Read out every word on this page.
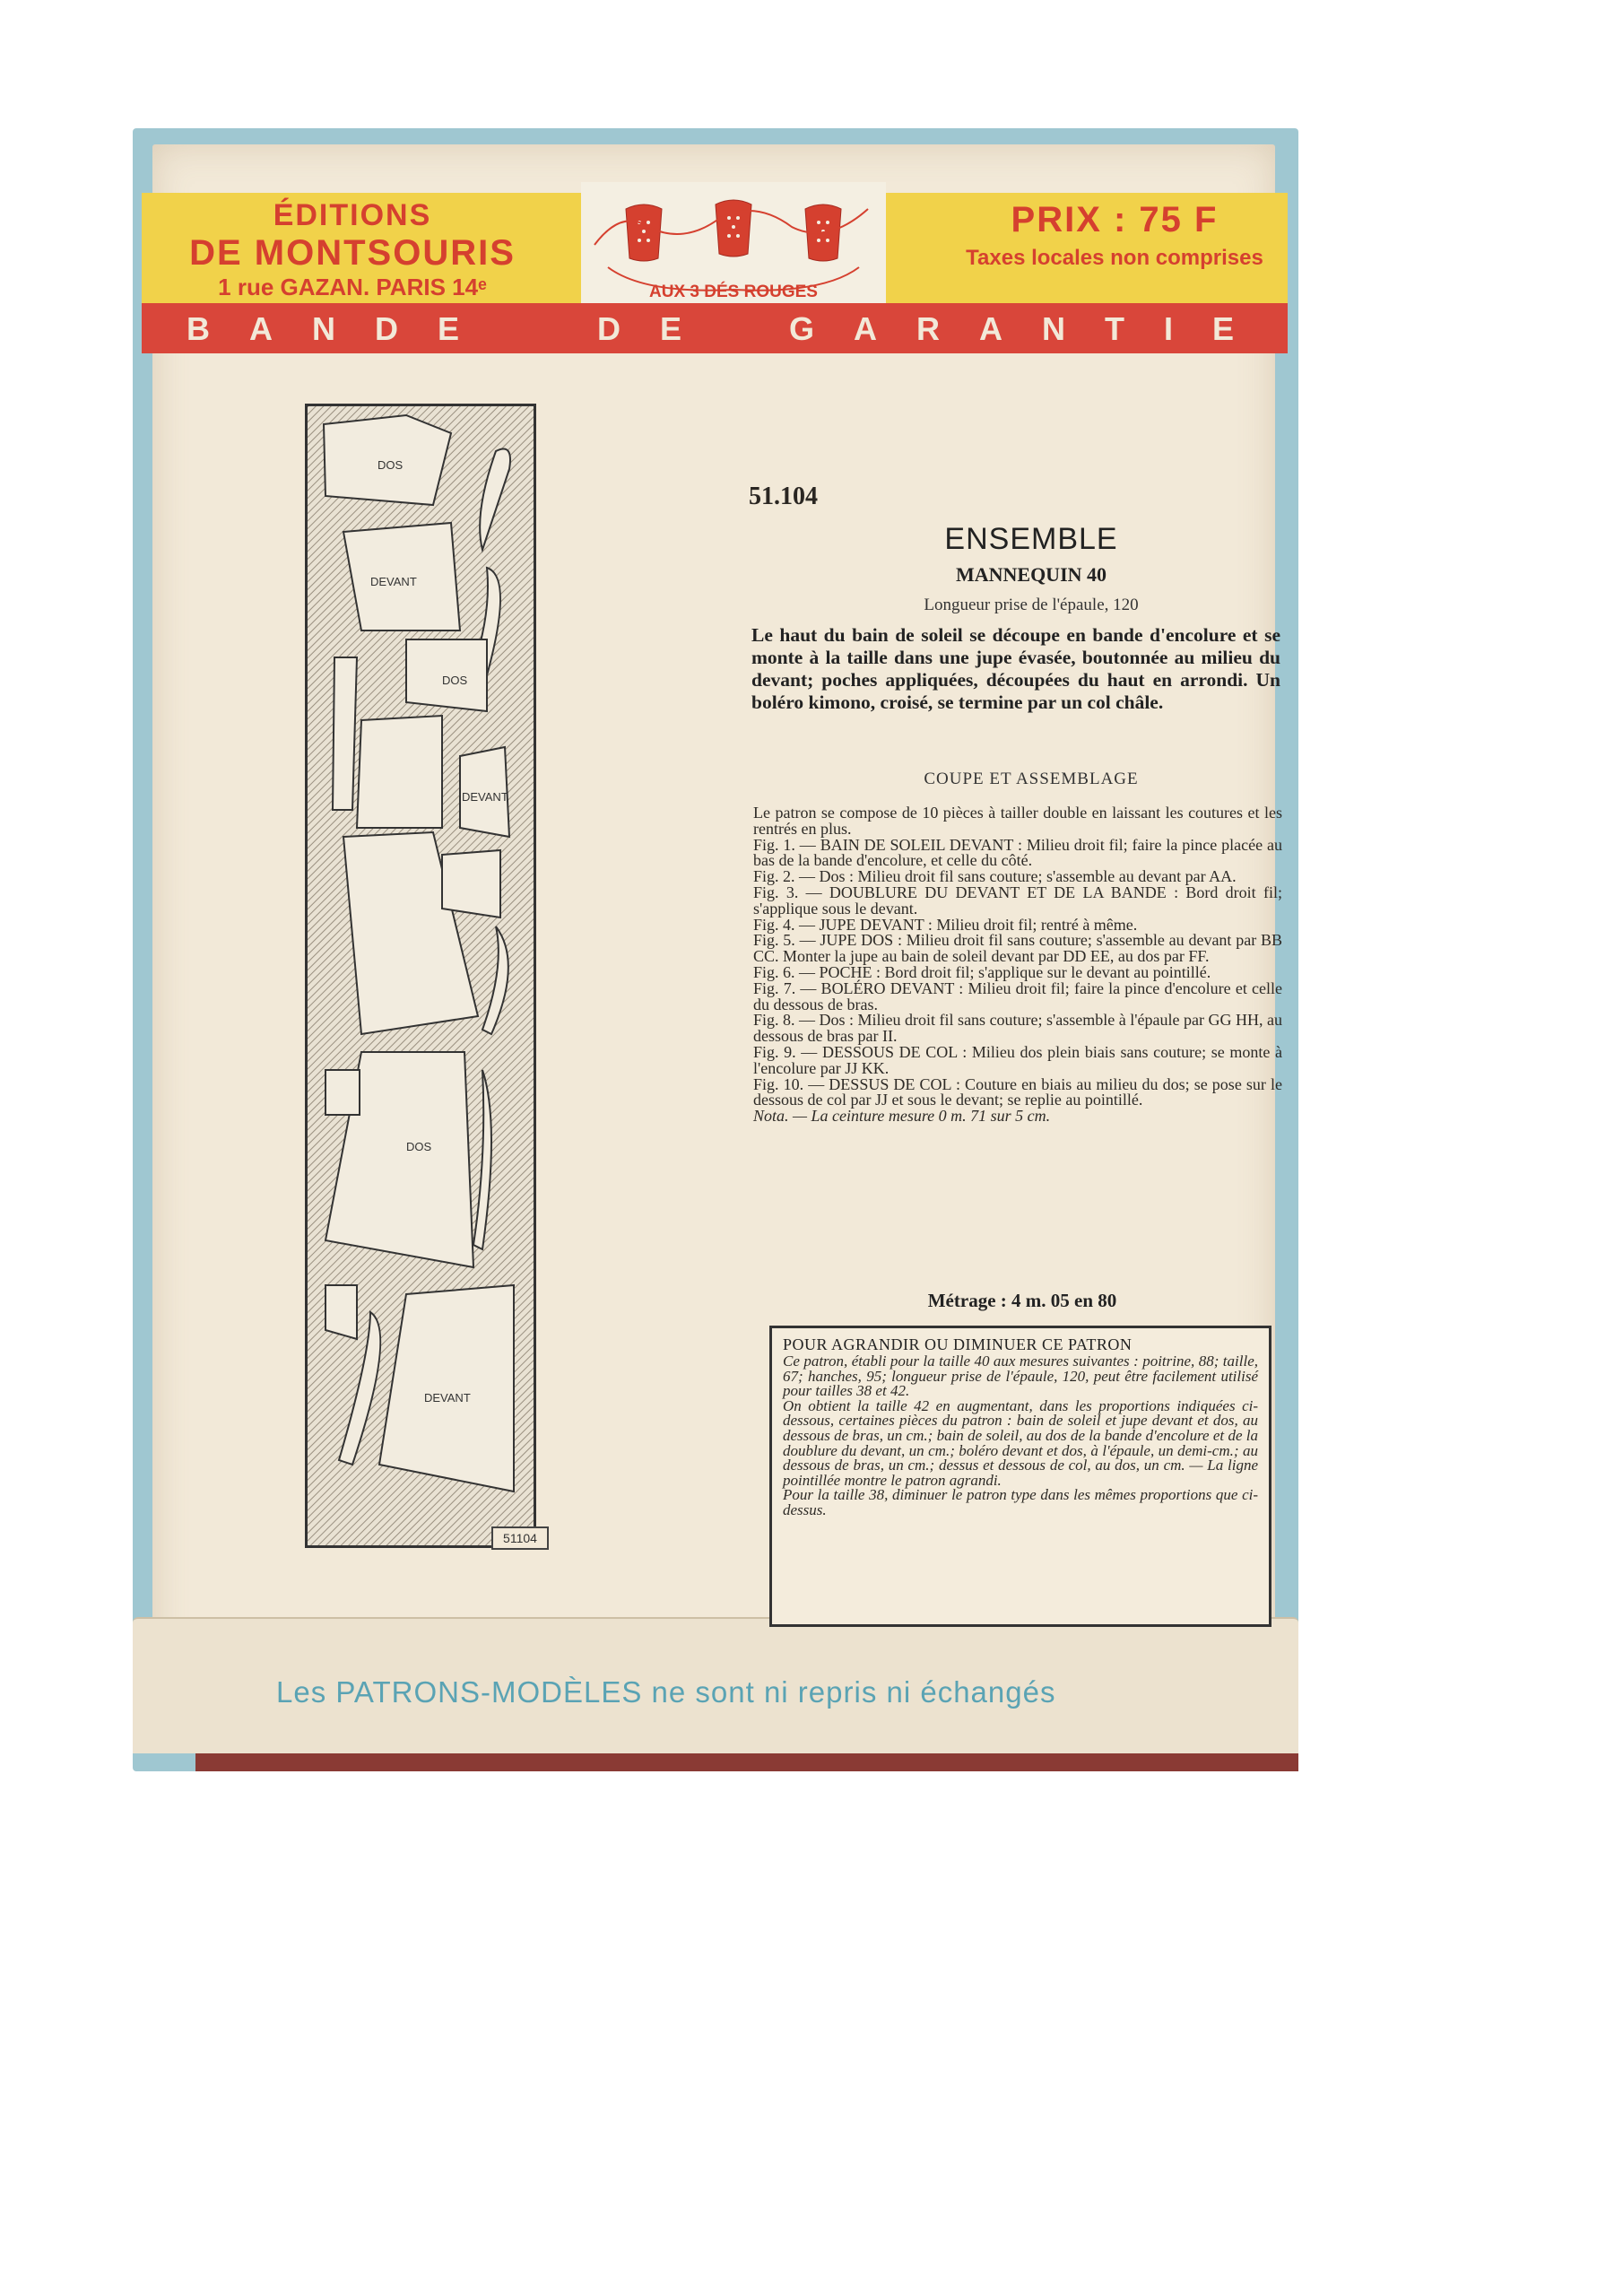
ÉDITIONS
DE MONTSOURIS
1 rue GAZAN. PARIS 14ᵉ	AUX 3 DÉS ROUGES
PRIX : 75 F
Taxes locales non comprises
BANDE	DE GARANTIE
Les PATRONS-MODÈLES ne sont ni repris ni échangés
DOS
DEVANT
DOS
DEVANT
DOS
DEVANT
51104
51.104
ENSEMBLE
MANNEQUIN 40
Longueur prise de l'épaule, 120
Le haut du bain de soleil se découpe en bande d'encolure et se monte à la taille dans une jupe évasée, boutonnée au milieu du devant; poches appliquées, découpées du haut en arrondi. Un boléro kimono, croisé, se termine par un col châle.
COUPE ET ASSEMBLAGE

Le patron se compose de 10 pièces à tailler double en laissant les coutures et les rentrés en plus.

Fig. 1. — BAIN DE SOLEIL DEVANT : Milieu droit fil; faire la pince placée au bas de la bande d'encolure, et celle du côté.

Fig. 2. — Dos : Milieu droit fil sans couture; s'assemble au devant par AA.

Fig. 3. — DOUBLURE DU DEVANT ET DE LA BANDE : Bord droit fil; s'applique sous le devant.

Fig. 4. — JUPE DEVANT : Milieu droit fil; rentré à même.

Fig. 5. — JUPE DOS : Milieu droit fil sans couture; s'assemble au devant par BB CC. Monter la jupe au bain de soleil devant par DD EE, au dos par FF.

Fig. 6. — POCHE : Bord droit fil; s'applique sur le devant au pointillé.

Fig. 7. — BOLÉRO DEVANT : Milieu droit fil; faire la pince d'encolure et celle du dessous de bras.

Fig. 8. — Dos : Milieu droit fil sans couture; s'assemble à l'épaule par GG HH, au dessous de bras par II.

Fig. 9. — DESSOUS DE COL : Milieu dos plein biais sans couture; se monte à l'encolure par JJ KK.

Fig. 10. — DESSUS DE COL : Couture en biais au milieu du dos; se pose sur le dessous de col par JJ et sous le devant; se replie au pointillé.

Nota. — La ceinture mesure 0 m. 71 sur 5 cm.

Métrage : 4 m. 05 en 80
POUR AGRANDIR OU DIMINUER CE PATRON

Ce patron, établi pour la taille 40 aux mesures suivantes : poitrine, 88; taille, 67; hanches, 95; longueur prise de l'épaule, 120, peut être facilement utilisé pour tailles 38 et 42.

On obtient la taille 42 en augmentant, dans les proportions indiquées ci-dessous, certaines pièces du patron : bain de soleil et jupe devant et dos, au dessous de bras, un cm.; bain de soleil, au dos de la bande d'encolure et de la doublure du devant, un cm.; boléro devant et dos, à l'épaule, un demi-cm.; au dessous de bras, un cm.; dessus et dessous de col, au dos, un cm. — La ligne pointillée montre le patron agrandi.

Pour la taille 38, diminuer le patron type dans les mêmes proportions que ci-dessus.
